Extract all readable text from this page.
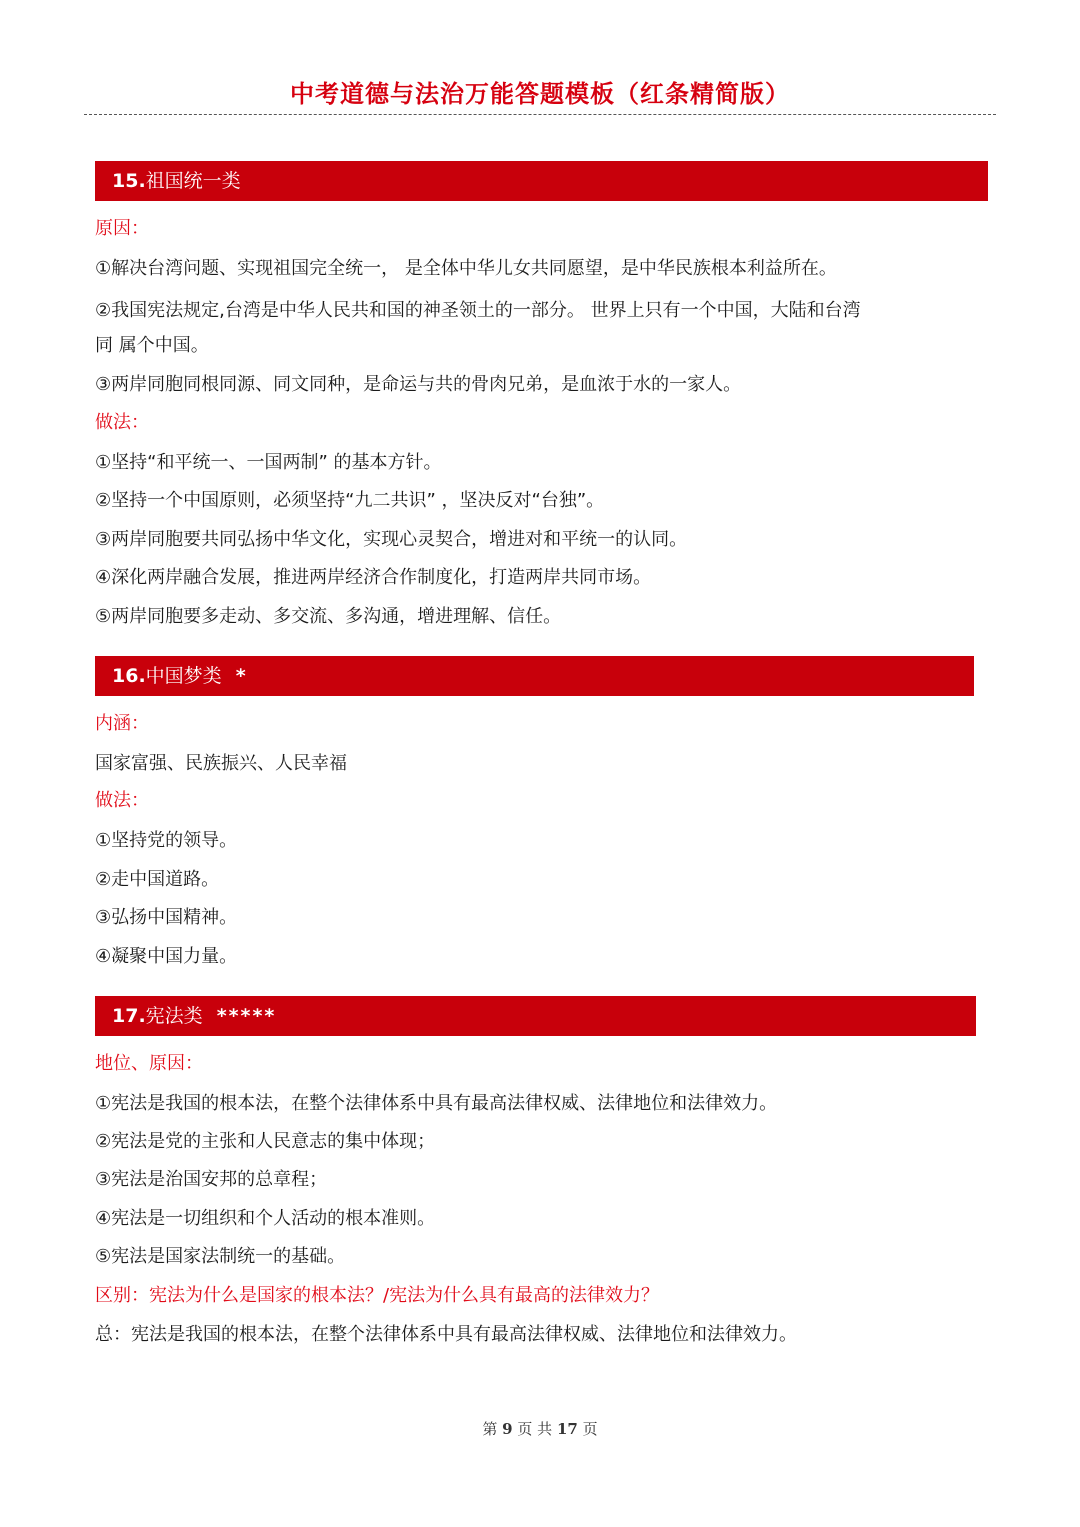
中考道德与法治万能答题模板（红条精简版）
15.祖国统一类
原因：
①解决台湾问题、实现祖国完全统一， 是全体中华儿女共同愿望，是中华民族根本利益所在。
②我国宪法规定,台湾是中华人民共和国的神圣领土的一部分。 世界上只有一个中国，大陆和台湾
同 属个中国。
③两岸同胞同根同源、同文同种，是命运与共的骨肉兄弟，是血浓于水的一家人。
做法：
①坚持“和平统一、一国两制” 的基本方针。
②坚持一个中国原则，必须坚持“九二共识” ，坚决反对“台独”。
③两岸同胞要共同弘扬中华文化，实现心灵契合，增进对和平统一的认同。
④深化两岸融合发展，推进两岸经济合作制度化，打造两岸共同市场。
⑤两岸同胞要多走动、多交流、多沟通，增进理解、信任。
16.中国梦类 *
内涵：
国家富强、民族振兴、人民幸福
做法：
①坚持党的领导。
②走中国道路。
③弘扬中国精神。
④凝聚中国力量。
17.宪法类 *****
地位、原因：
①宪法是我国的根本法，在整个法律体系中具有最高法律权威、法律地位和法律效力。
②宪法是党的主张和人民意志的集中体现；
③宪法是治国安邦的总章程；
④宪法是一切组织和个人活动的根本准则。
⑤宪法是国家法制统一的基础。
区别：宪法为什么是国家的根本法？/宪法为什么具有最高的法律效力？
总：宪法是我国的根本法，在整个法律体系中具有最高法律权威、法律地位和法律效力。
第 9 页 共 17 页
